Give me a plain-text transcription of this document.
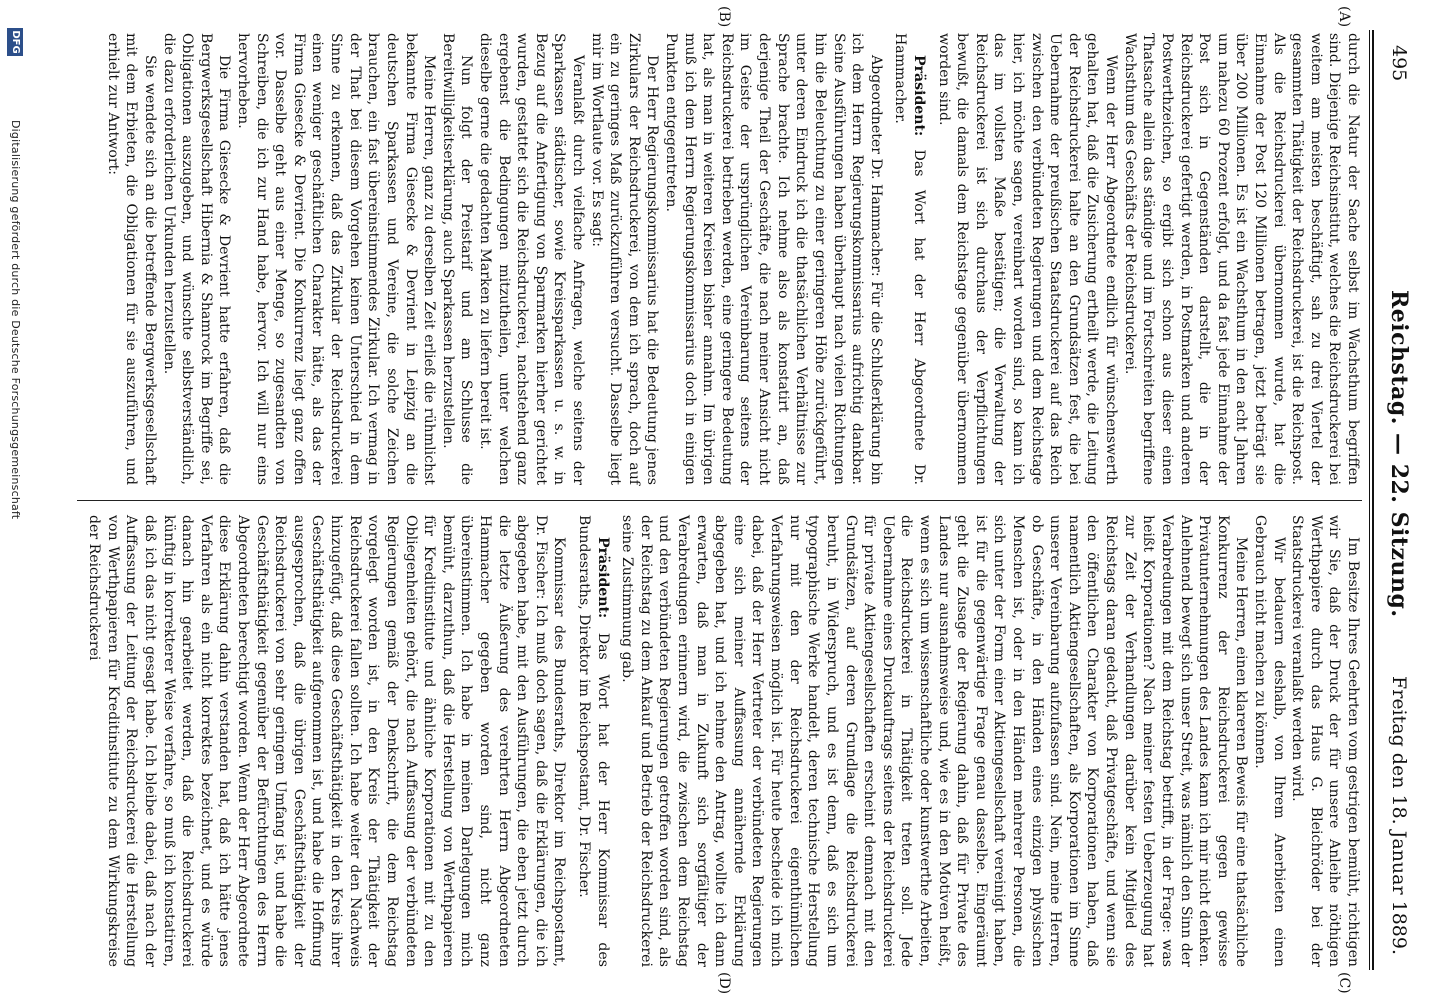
495
Reichstag. — 22. Sitzung.
Freitag den 18. Januar 1889.
(C)
(D)
(A)
(B)

durch die Natur der Sache selbst im Wachsthum begriffen sind. Diejenige Reichsinstitut, welches die Reichsdruckerei bei weitem am meisten beschäftigt, sah zu drei Viertel der gesammten Thätigkeit der Reichsdruckerei, ist die Reichspost. Als die Reichsdruckerei übernommen wurde, hat die Einnahme der Post 120 Millionen betragen, jetzt beträgt sie über 200 Millionen. Es ist ein Wachsthum in den acht Jahren um nahezu 60 Prozent erfolgt, und da fast jede Einnahme der Post sich in Gegenständen darstellt, die in der Reichsdruckerei gefertigt werden, in Postmarken und anderen Postwerthzeichen, so ergibt sich schon aus dieser einen Thatsache allein das ständige und im Fortschreiten begriffene Wachsthum des Geschäfts der Reichsdruckerei.

Wenn der Herr Abgeordnete endlich für wünschenswerth gehalten hat, daß die Zusicherung ertheilt werde, die Leitung der Reichsdruckerei halte an den Grundsätzen fest, die bei Uebernahme der preußischen Staatsdruckerei auf das Reich zwischen den verbündeten Regierungen und dem Reichstage hier, ich möchte sagen, vereinbart worden sind, so kann ich das im vollsten Maße bestätigen; die Verwaltung der Reichsdruckerei ist sich durchaus der Verpflichtungen bewußt, die damals dem Reichstage gegenüber übernommen worden sind.

Präsident: Das Wort hat der Herr Abgeordnete Dr. Hammacher.

Abgeordneter Dr. Hammacher: Für die Schlußerklärung bin ich dem Herrn Regierungskommissarius aufrichtig dankbar. Seine Ausführungen haben überhaupt nach vielen Richtungen hin die Beleuchtung zu einer geringeren Höhe zurückgeführt, unter deren Eindruck ich die thatsächlichen Verhältnisse zur Sprache brachte. Ich nehme also als konstatirt an, daß derjenige Theil der Geschäfte, die nach meiner Ansicht nicht im Geiste der ursprünglichen Vereinbarung seitens der Reichsdruckerei betrieben werden, eine geringere Bedeutung hat, als man in weiteren Kreisen bisher annahm. Im übrigen muß ich dem Herrn Regierungskommissarius doch in einigen Punkten entgegentreten.

Der Herr Regierungskommissarius hat die Bedeutung jenes Zirkulars der Reichsdruckerei, von dem ich sprach, doch auf ein zu geringes Maß zurückzuführen versucht. Dasselbe liegt mir im Wortlaute vor. Es sagt:

Veranlaßt durch vielfache Anfragen, welche seitens der Sparkassen städtischer, sowie Kreissparkassen u. s. w. in Bezug auf die Anfertigung von Sparmarken hierher gerichtet wurden, gestattet sich die Reichsdruckerei, nachstehend ganz ergebenst die Bedingungen mitzutheilen, unter welchen dieselbe gerne die gedachten Marken zu liefern bereit ist.

Nun folgt der Preistarif und am Schlusse die Bereitwilligkeitserklärung, auch Sparkassen herzustellen.

Meine Herren, ganz zu derselben Zeit erließ die rühmlichst bekannte Firma Giesecke & Devrient in Leipzig an die deutschen Sparkassen und Vereine, die solche Zeichen brauchen, ein fast übereinstimmendes Zirkular. Ich vermag in der That bei diesem Vorgehen keinen Unterschied in dem Sinne zu erkennen, daß das Zirkular der Reichsdruckerei einen weniger geschäftlichen Charakter hätte, als das der Firma Giesecke & Devrient. Die Konkurrenz liegt ganz offen vor. Dasselbe geht aus einer Menge, so zugesandten von Schreiben, die ich zur Hand habe, hervor. Ich will nur eins hervorheben.

Die Firma Giesecke & Devrient hatte erfahren, daß die Bergwerksgesellschaft Hibernia & Shamrock im Begriffe sei, Obligationen auszugeben, und wünschte selbstverständlich, die dazu erforderlichen Urkunden herzustellen.

Sie wendete sich an die betreffende Bergwerksgesellschaft mit dem Erbieten, die Obligationen für sie auszuführen, und erhielt zur Antwort:

Im Besitze Ihres Geehrten vom gestrigen bemüht, richtigen wir Sie, daß der Druck der für unsere Anleihe nöthigen Werthpapiere durch das Haus G. Bleichröder bei der Staatsdruckerei veranlaßt werden wird.

Wir bedauern deshalb, von Ihrem Anerbieten einen Gebrauch nicht machen zu können.

Meine Herren, einen klareren Beweis für eine thatsächliche Konkurrenz der Reichsdruckerei gegen gewisse Privatunternehmungen des Landes kann ich mir nicht denken. Anlehnend bewegt sich unser Streit, was nämlich den Sinn der Verabredungen mit dem Reichstag betrifft, in der Frage: was heißt Korporationen? Nach meiner festen Ueberzeugung hat zur Zeit der Verhandlungen darüber kein Mitglied des Reichstags daran gedacht, daß Privatgeschäfte, und wenn sie den öffentlichen Charakter von Korporationen haben, daß namentlich Aktiengesellschaften, als Korporationen im Sinne unserer Vereinbarung aufzufassen sind. Nein, meine Herren, ob Geschäfte, in den Händen eines einzigen physischen Menschen ist, oder in den Händen mehrerer Personen, die sich unter der Form einer Aktiengesellschaft vereinigt haben, ist für die gegenwärtige Frage genau dasselbe. Eingeräumt geht die Zusage der Regierung dahin, daß für Private des Landes nur ausnahmsweise und, wie es in den Motiven heißt, wenn es sich um wissenschaftliche oder kunstwerthe Arbeiten, die Reichsdruckerei in Thätigkeit treten soll. Jede Uebernahme eines Druckauftrags seitens der Reichsdruckerei für private Aktiengesellschaften erscheint demnach mit den Grundsätzen, auf deren Grundlage die Reichsdruckerei beruht, in Widerspruch, und es ist denn, daß es sich um typographische Werke handelt, deren technische Herstellung nur mit den der Reichsdruckerei eigenthümlichen Verfahrungsweisen möglich ist. Für heute bescheide ich mich dabei, daß der Herr Vertreter der verbündeten Regierungen eine sich meiner Auffassung annähernde Erklärung abgegeben hat, und ich nehme den Antrag, wollte ich dann erwarten, daß man in Zukunft sich sorgfältiger der Verabredungen erinnern wird, die zwischen dem Reichstag und den verbündeten Regierungen getroffen worden sind, als der Reichstag zu dem Ankauf und Betrieb der Reichsdruckerei seine Zustimmung gab.

Präsident: Das Wort hat der Herr Kommissar des Bundesraths, Direktor im Reichspostamt, Dr. Fischer.

Kommissar des Bundesraths, Direktor im Reichspostamt, Dr. Fischer: Ich muß doch sagen, daß die Erklärungen, die ich abgegeben habe, mit den Ausführungen, die eben jetzt durch die letzte Äußerung des verehrten Herrn Abgeordneten Hammacher gegeben worden sind, nicht ganz übereinstimmen. Ich habe in meinen Darlegungen mich bemüht, darzuthun, daß die Herstellung von Werthpapieren für Kreditinstitute und ähnliche Korporationen mit zu den Obliegenheiten gehört, die nach Auffassung der verbündeten Regierungen gemäß der Denkschrift, die dem Reichstag vorgelegt worden ist, in den Kreis der Thätigkeit der Reichsdruckerei fallen sollten. Ich habe weiter den Nachweis hinzugefügt, daß diese Geschäftsthätigkeit in den Kreis ihrer Geschäftsthätigkeit aufgenommen ist, und habe die Hoffnung ausgesprochen, daß die übrigen Geschäftsthätigkeit der Reichsdruckerei von sehr geringem Umfang ist, und habe die Geschäftsthätigkeit gegenüber der Befürchtungen des Herrn Abgeordneten berechtigt worden. Wenn der Herr Abgeordnete diese Erklärung dahin verstanden hat, daß ich hätte jenes Verfahren als ein nicht korrektes bezeichnet, und es würde danach hin gearbeitet werden, daß die Reichsdruckerei künftig in korrekterer Weise verfahre, so muß ich konstatiren, daß ich das nicht gesagt habe. Ich bleibe dabei, daß nach der Auffassung der Leitung der Reichsdruckerei die Herstellung von Werthpapieren für Kreditinstitute zu dem Wirkungskreise der Reichsdruckerei

DFG
Digitalisierung gefördert durch die Deutsche Forschungsgemeinschaft
